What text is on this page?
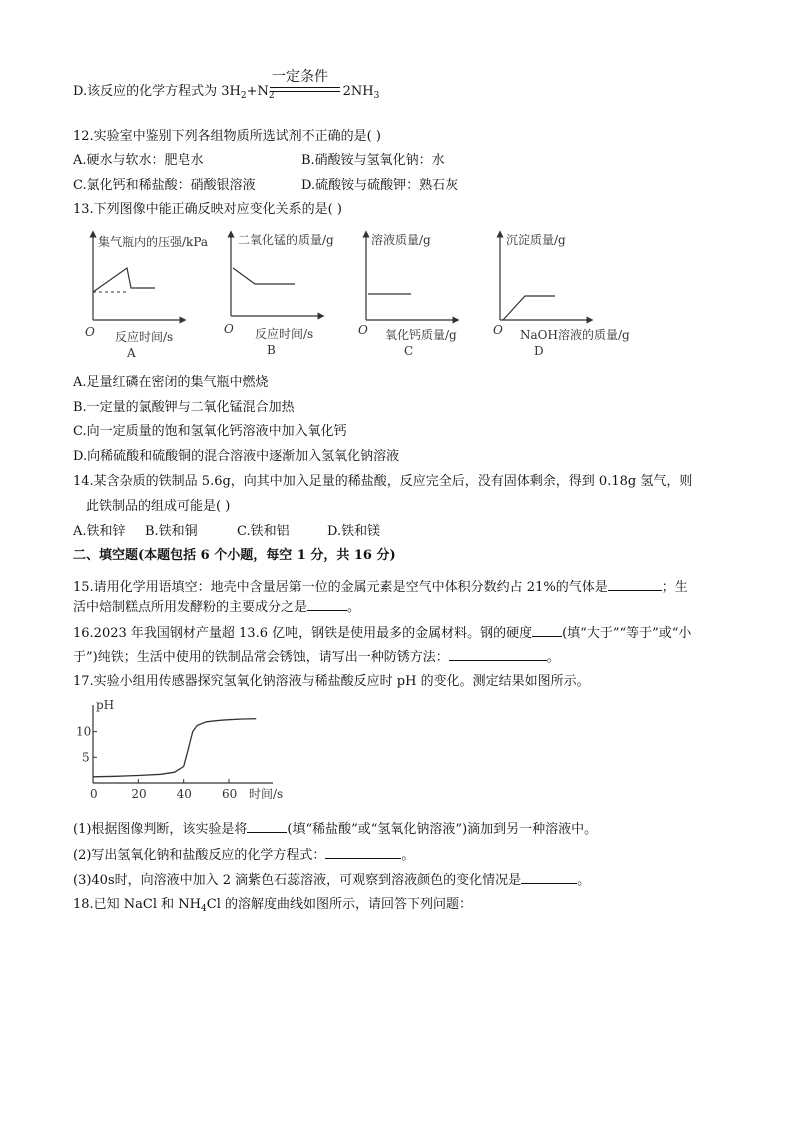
D.该反应的化学方程式为 $3H_2+N_2$	$2NH_3$
一定条件
12.实验室中鉴别下列各组物质所选试剂不正确的是( )
A.硬水与软水：肥皂水	B.硝酸铵与氢氧化钠：水
C.氯化钙和稀盐酸：硝酸银溶液	D.硫酸铵与硫酸钾：熟石灰
13.下列图像中能正确反映对应变化关系的是( )
集气瓶内的压强/kPa
反应时间/s
O
A
二氧化锰的质量/g
反应时间/s
O
B
溶液质量/g
氧化钙质量/g
O
C
沉淀质量/g
NaOH溶液的质量/g
O
D
A.足量红磷在密闭的集气瓶中燃烧
B.一定量的氯酸钾与二氧化锰混合加热
C.向一定质量的饱和氢氧化钙溶液中加入氧化钙
D.向稀硫酸和硫酸铜的混合溶液中逐渐加入氢氧化钠溶液
14.某含杂质的铁制品 5.6g，向其中加入足量的稀盐酸，反应完全后，没有固体剩余，得到 0.18g 氢气，则
此铁制品的组成可能是( )
A.铁和锌 B.铁和铜	C.铁和铝	D.铁和镁
二、填空题(本题包括 6 个小题，每空 1 分，共 16 分)
15.请用化学用语填空：地壳中含量居第一位的金属元素是空气中体积分数约占 21%的气体是	；生
活中焙制糕点所用发酵粉的主要成分之是	。
16.2023 年我国钢材产量超 13.6 亿吨，钢铁是使用最多的金属材料。钢的硬度 (填“大于”“等于”或“小
于”)纯铁；生活中使用的铁制品常会锈蚀，请写出一种防锈方法：	。
17.实验小组用传感器探究氢氧化钠溶液与稀盐酸反应时 pH 的变化。测定结果如图所示。
0	20	40	60
5
10
pH
时间/s
(1)根据图像判断，该实验是将	(填“稀盐酸”或“氢氧化钠溶液”)滴加到另一种溶液中。
(2)写出氢氧化钠和盐酸反应的化学方程式：	。
(3)40s时，向溶液中加入 2 滴紫色石蕊溶液，可观察到溶液颜色的变化情况是	。
18.已知 NaCl 和 $NH_4Cl$ 的溶解度曲线如图所示，请回答下列问题：
